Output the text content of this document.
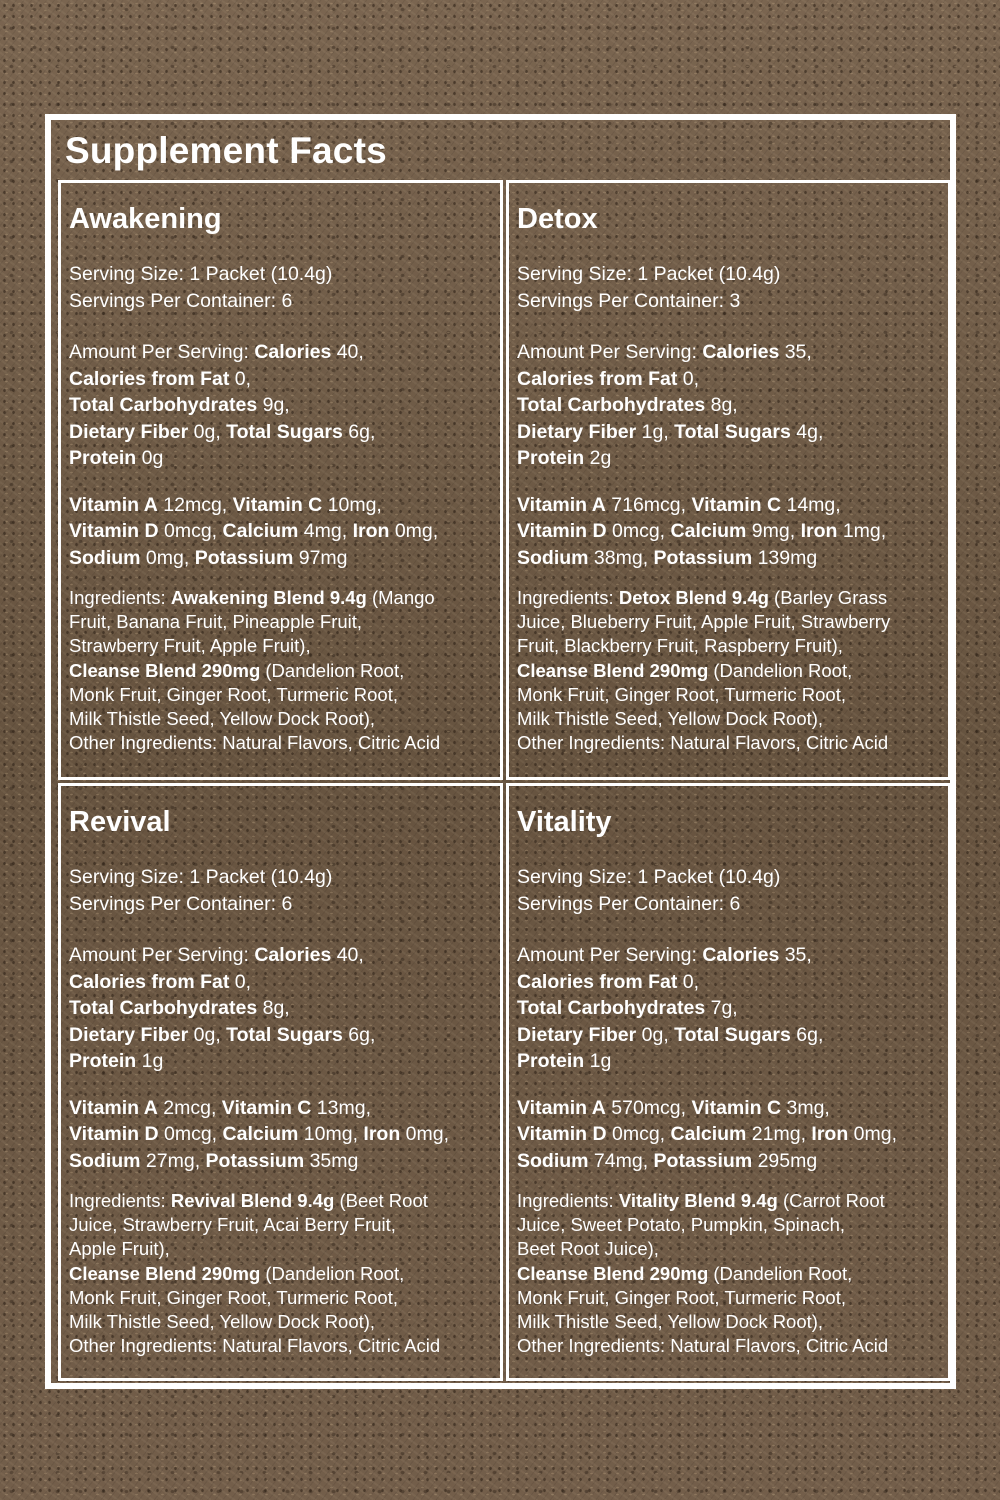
Supplement Facts
Awakening

Serving Size: 1 Packet (10.4g)

Servings Per Container: 6

Amount Per Serving: Calories 40,

Calories from Fat 0,

Total Carbohydrates 9g,

Dietary Fiber 0g, Total Sugars 6g,

Protein 0g

Vitamin A 12mcg, Vitamin C 10mg,

Vitamin D 0mcg, Calcium 4mg, Iron 0mg,

Sodium 0mg, Potassium 97mg

Ingredients: Awakening Blend 9.4g (Mango

Fruit, Banana Fruit, Pineapple Fruit,

Strawberry Fruit, Apple Fruit),

Cleanse Blend 290mg (Dandelion Root,

Monk Fruit, Ginger Root, Turmeric Root,

Milk Thistle Seed, Yellow Dock Root),

Other Ingredients: Natural Flavors, Citric Acid

Detox

Serving Size: 1 Packet (10.4g)

Servings Per Container: 3

Amount Per Serving: Calories 35,

Calories from Fat 0,

Total Carbohydrates 8g,

Dietary Fiber 1g, Total Sugars 4g,

Protein 2g

Vitamin A 716mcg, Vitamin C 14mg,

Vitamin D 0mcg, Calcium 9mg, Iron 1mg,

Sodium 38mg, Potassium 139mg

Ingredients: Detox Blend 9.4g (Barley Grass

Juice, Blueberry Fruit, Apple Fruit, Strawberry

Fruit, Blackberry Fruit, Raspberry Fruit),

Cleanse Blend 290mg (Dandelion Root,

Monk Fruit, Ginger Root, Turmeric Root,

Milk Thistle Seed, Yellow Dock Root),

Other Ingredients: Natural Flavors, Citric Acid

Revival

Serving Size: 1 Packet (10.4g)

Servings Per Container: 6

Amount Per Serving: Calories 40,

Calories from Fat 0,

Total Carbohydrates 8g,

Dietary Fiber 0g, Total Sugars 6g,

Protein 1g

Vitamin A 2mcg, Vitamin C 13mg,

Vitamin D 0mcg, Calcium 10mg, Iron 0mg,

Sodium 27mg, Potassium 35mg

Ingredients: Revival Blend 9.4g (Beet Root

Juice, Strawberry Fruit, Acai Berry Fruit,

Apple Fruit),

Cleanse Blend 290mg (Dandelion Root,

Monk Fruit, Ginger Root, Turmeric Root,

Milk Thistle Seed, Yellow Dock Root),

Other Ingredients: Natural Flavors, Citric Acid

Vitality

Serving Size: 1 Packet (10.4g)

Servings Per Container: 6

Amount Per Serving: Calories 35,

Calories from Fat 0,

Total Carbohydrates 7g,

Dietary Fiber 0g, Total Sugars 6g,

Protein 1g

Vitamin A 570mcg, Vitamin C 3mg,

Vitamin D 0mcg, Calcium 21mg, Iron 0mg,

Sodium 74mg, Potassium 295mg

Ingredients: Vitality Blend 9.4g (Carrot Root

Juice, Sweet Potato, Pumpkin, Spinach,

Beet Root Juice),

Cleanse Blend 290mg (Dandelion Root,

Monk Fruit, Ginger Root, Turmeric Root,

Milk Thistle Seed, Yellow Dock Root),

Other Ingredients: Natural Flavors, Citric Acid
